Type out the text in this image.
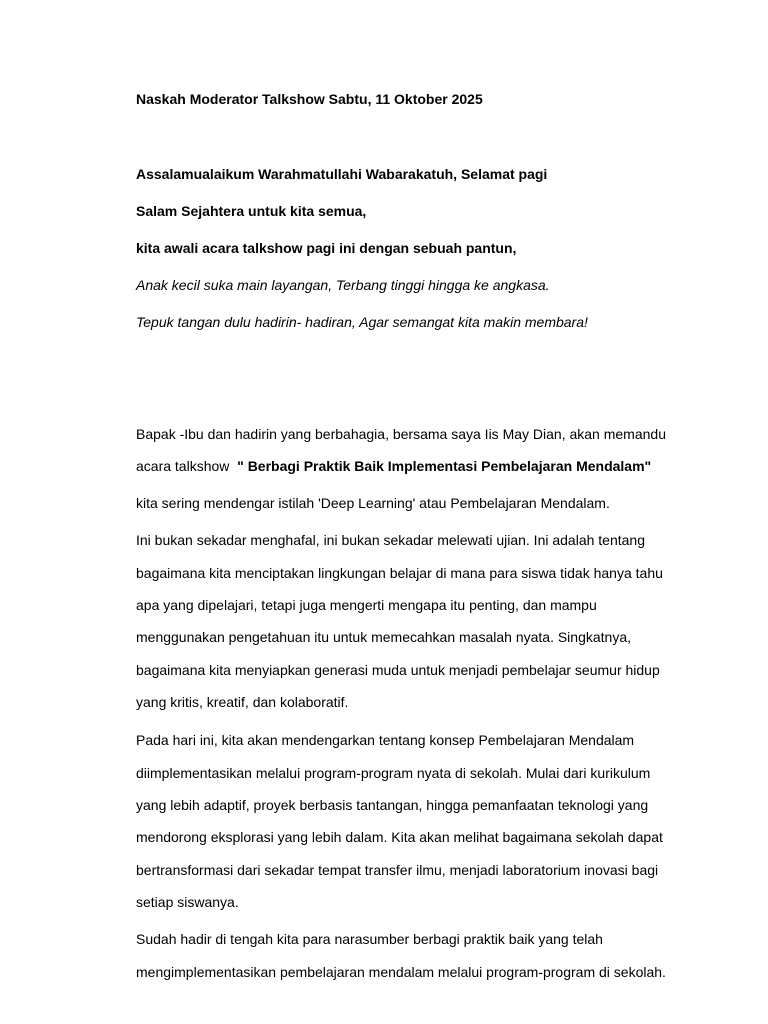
Naskah Moderator Talkshow Sabtu, 11 Oktober 2025
Assalamualaikum Warahmatullahi Wabarakatuh, Selamat pagi
Salam Sejahtera untuk kita semua,
kita awali acara talkshow pagi ini dengan sebuah pantun,
Anak kecil suka main layangan, Terbang tinggi hingga ke angkasa.
Tepuk tangan dulu hadirin- hadiran, Agar semangat kita makin membara!
Bapak -Ibu dan hadirin yang berbahagia, bersama saya Iis May Dian, akan memandu
acara talkshow " Berbagi Praktik Baik Implementasi Pembelajaran Mendalam"
kita sering mendengar istilah 'Deep Learning' atau Pembelajaran Mendalam.
Ini bukan sekadar menghafal, ini bukan sekadar melewati ujian. Ini adalah tentang
bagaimana kita menciptakan lingkungan belajar di mana para siswa tidak hanya tahu
apa yang dipelajari, tetapi juga mengerti mengapa itu penting, dan mampu
menggunakan pengetahuan itu untuk memecahkan masalah nyata. Singkatnya,
bagaimana kita menyiapkan generasi muda untuk menjadi pembelajar seumur hidup
yang kritis, kreatif, dan kolaboratif.
Pada hari ini, kita akan mendengarkan tentang konsep Pembelajaran Mendalam
diimplementasikan melalui program-program nyata di sekolah. Mulai dari kurikulum
yang lebih adaptif, proyek berbasis tantangan, hingga pemanfaatan teknologi yang
mendorong eksplorasi yang lebih dalam. Kita akan melihat bagaimana sekolah dapat
bertransformasi dari sekadar tempat transfer ilmu, menjadi laboratorium inovasi bagi
setiap siswanya.
Sudah hadir di tengah kita para narasumber berbagi praktik baik yang telah
mengimplementasikan pembelajaran mendalam melalui program-program di sekolah.
